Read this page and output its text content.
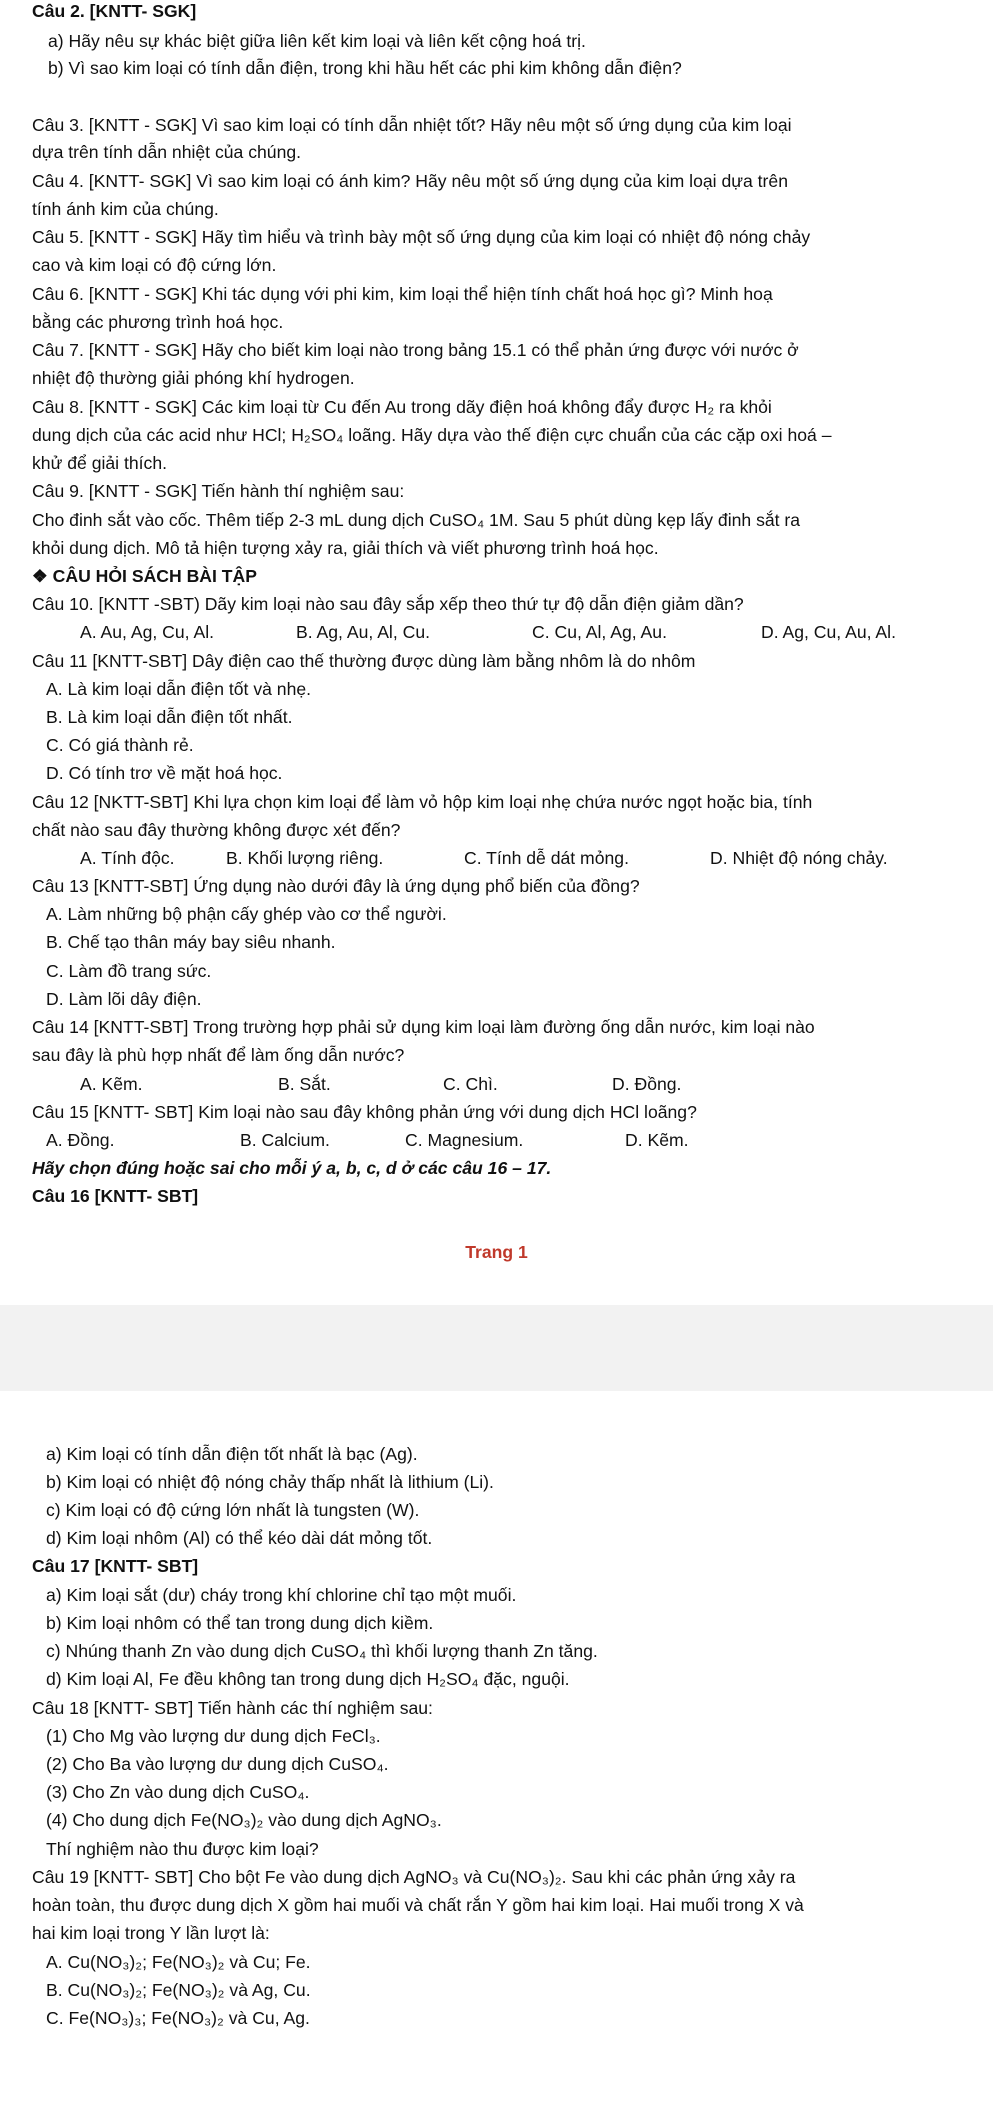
Câu 2. [KNTT- SGK]
a) Hãy nêu sự khác biệt giữa liên kết kim loại và liên kết cộng hoá trị.
b) Vì sao kim loại có tính dẫn điện, trong khi hầu hết các phi kim không dẫn điện?
Câu 3. [KNTT - SGK] Vì sao kim loại có tính dẫn nhiệt tốt? Hãy nêu một số ứng dụng của kim loại
dựa trên tính dẫn nhiệt của chúng.
Câu 4. [KNTT- SGK] Vì sao kim loại có ánh kim? Hãy nêu một số ứng dụng của kim loại dựa trên
tính ánh kim của chúng.
Câu 5. [KNTT - SGK] Hãy tìm hiểu và trình bày một số ứng dụng của kim loại có nhiệt độ nóng chảy
cao và kim loại có độ cứng lớn.
Câu 6. [KNTT - SGK] Khi tác dụng với phi kim, kim loại thể hiện tính chất hoá học gì? Minh hoạ
bằng các phương trình hoá học.
Câu 7. [KNTT - SGK] Hãy cho biết kim loại nào trong bảng 15.1 có thể phản ứng được với nước ở
nhiệt độ thường giải phóng khí hydrogen.
Câu 8. [KNTT - SGK] Các kim loại từ Cu đến Au trong dãy điện hoá không đẩy được H₂ ra khỏi
dung dịch của các acid như HCl; H₂SO₄ loãng. Hãy dựa vào thế điện cực chuẩn của các cặp oxi hoá –
khử để giải thích.
Câu 9. [KNTT - SGK] Tiến hành thí nghiệm sau:
Cho đinh sắt vào cốc. Thêm tiếp 2-3 mL dung dịch CuSO₄ 1M. Sau 5 phút dùng kẹp lấy đinh sắt ra
khỏi dung dịch. Mô tả hiện tượng xảy ra, giải thích và viết phương trình hoá học.
❖ CÂU HỎI SÁCH BÀI TẬP
Câu 10. [KNTT -SBT) Dãy kim loại nào sau đây sắp xếp theo thứ tự độ dẫn điện giảm dần?
A. Au, Ag, Cu, Al.	B. Ag, Au, Al, Cu.	C. Cu, Al, Ag, Au.	D. Ag, Cu, Au, Al.
Câu 11 [KNTT-SBT] Dây điện cao thế thường được dùng làm bằng nhôm là do nhôm
A. Là kim loại dẫn điện tốt và nhẹ.
B. Là kim loại dẫn điện tốt nhất.
C. Có giá thành rẻ.
D. Có tính trơ về mặt hoá học.
Câu 12 [NKTT-SBT] Khi lựa chọn kim loại để làm vỏ hộp kim loại nhẹ chứa nước ngọt hoặc bia, tính
chất nào sau đây thường không được xét đến?
A. Tính độc.	B. Khối lượng riêng.	C. Tính dễ dát mỏng.	D. Nhiệt độ nóng chảy.
Câu 13 [KNTT-SBT] Ứng dụng nào dưới đây là ứng dụng phổ biến của đồng?
A. Làm những bộ phận cấy ghép vào cơ thể người.
B. Chế tạo thân máy bay siêu nhanh.
C. Làm đồ trang sức.
D. Làm lõi dây điện.
Câu 14 [KNTT-SBT] Trong trường hợp phải sử dụng kim loại làm đường ống dẫn nước, kim loại nào
sau đây là phù hợp nhất để làm ống dẫn nước?
A. Kẽm.	B. Sắt.	C. Chì.	D. Đồng.
Câu 15 [KNTT- SBT] Kim loại nào sau đây không phản ứng với dung dịch HCl loãng?
A. Đồng.	B. Calcium.	C. Magnesium.	D. Kẽm.
Hãy chọn đúng hoặc sai cho mỗi ý a, b, c, d ở các câu 16 – 17.
Câu 16 [KNTT- SBT]
Trang 1
a) Kim loại có tính dẫn điện tốt nhất là bạc (Ag).
b) Kim loại có nhiệt độ nóng chảy thấp nhất là lithium (Li).
c) Kim loại có độ cứng lớn nhất là tungsten (W).
d) Kim loại nhôm (Al) có thể kéo dài dát mỏng tốt.
Câu 17 [KNTT- SBT]
a) Kim loại sắt (dư) cháy trong khí chlorine chỉ tạo một muối.
b) Kim loại nhôm có thể tan trong dung dịch kiềm.
c) Nhúng thanh Zn vào dung dịch CuSO₄ thì khối lượng thanh Zn tăng.
d) Kim loại Al, Fe đều không tan trong dung dịch H₂SO₄ đặc, nguội.
Câu 18 [KNTT- SBT] Tiến hành các thí nghiệm sau:
(1) Cho Mg vào lượng dư dung dịch FeCl₃.
(2) Cho Ba vào lượng dư dung dịch CuSO₄.
(3) Cho Zn vào dung dịch CuSO₄.
(4) Cho dung dịch Fe(NO₃)₂ vào dung dịch AgNO₃.
Thí nghiệm nào thu được kim loại?
Câu 19 [KNTT- SBT] Cho bột Fe vào dung dịch AgNO₃ và Cu(NO₃)₂. Sau khi các phản ứng xảy ra
hoàn toàn, thu được dung dịch X gồm hai muối và chất rắn Y gồm hai kim loại. Hai muối trong X và
hai kim loại trong Y lần lượt là:
A. Cu(NO₃)₂; Fe(NO₃)₂ và Cu; Fe.
B. Cu(NO₃)₂; Fe(NO₃)₂ và Ag, Cu.
C. Fe(NO₃)₃; Fe(NO₃)₂ và Cu, Ag.
